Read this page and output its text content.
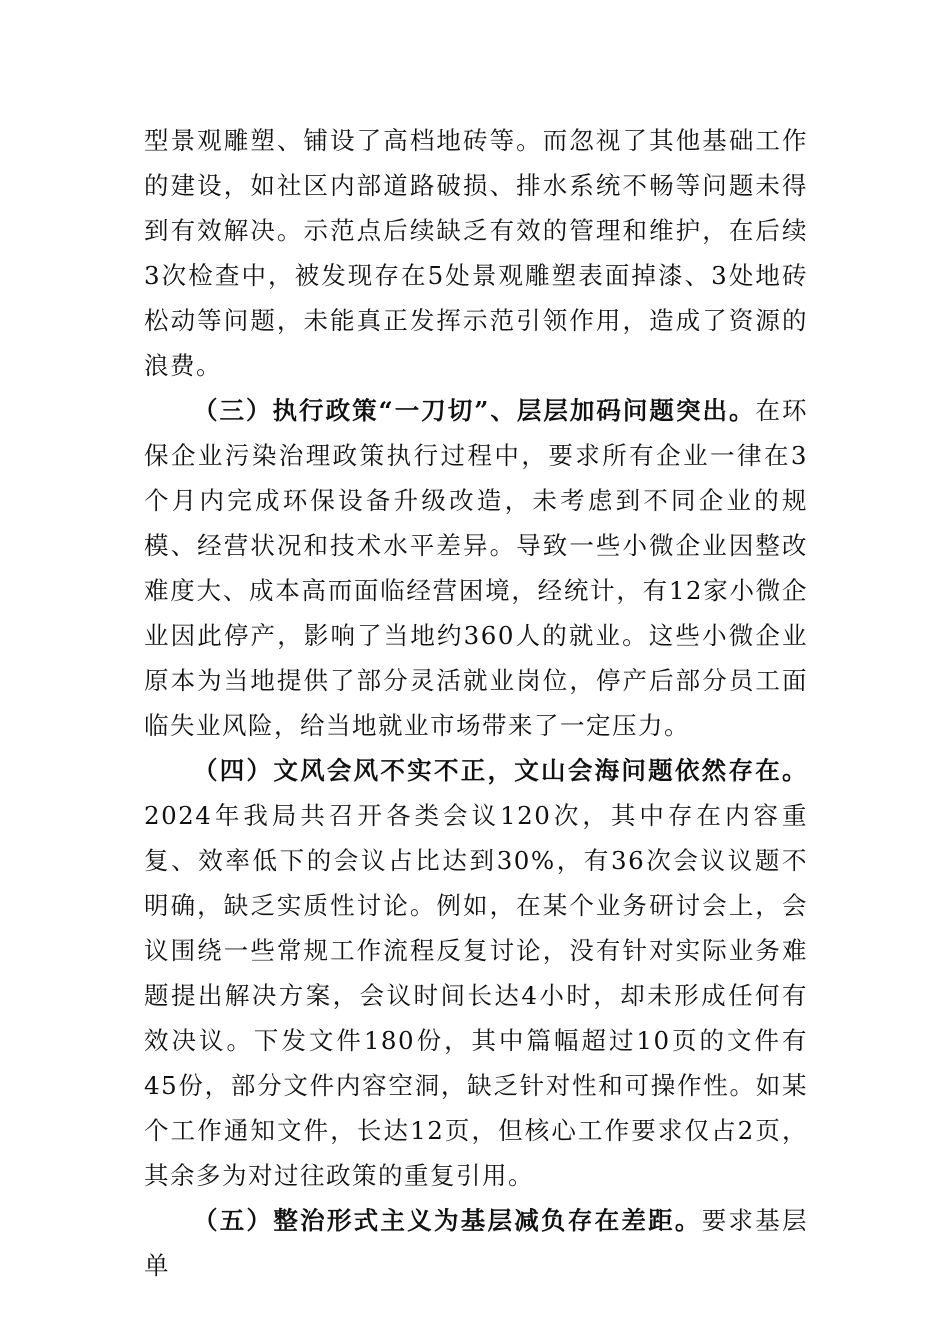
型景观雕塑、铺设了高档地砖等。而忽视了其他基础工作的建设，如社区内部道路破损、排水系统不畅等问题未得到有效解决。示范点后续缺乏有效的管理和维护，在后续3次检查中，被发现存在5处景观雕塑表面掉漆、3处地砖松动等问题，未能真正发挥示范引领作用，造成了资源的浪费。

（三）执行政策“一刀切”、层层加码问题突出。在环保企业污染治理政策执行过程中，要求所有企业一律在3个月内完成环保设备升级改造，未考虑到不同企业的规模、经营状况和技术水平差异。导致一些小微企业因整改难度大、成本高而面临经营困境，经统计，有12家小微企业因此停产，影响了当地约360人的就业。这些小微企业原本为当地提供了部分灵活就业岗位，停产后部分员工面临失业风险，给当地就业市场带来了一定压力。

（四）文风会风不实不正，文山会海问题依然存在。2024年我局共召开各类会议120次，其中存在内容重复、效率低下的会议占比达到30%，有36次会议议题不明确，缺乏实质性讨论。例如，在某个业务研讨会上，会议围绕一些常规工作流程反复讨论，没有针对实际业务难题提出解决方案，会议时间长达4小时，却未形成任何有效决议。下发文件180份，其中篇幅超过10页的文件有45份，部分文件内容空洞，缺乏针对性和可操作性。如某个工作通知文件，长达12页，但核心工作要求仅占2页，其余多为对过往政策的重复引用。

（五）整治形式主义为基层减负存在差距。要求基层单
